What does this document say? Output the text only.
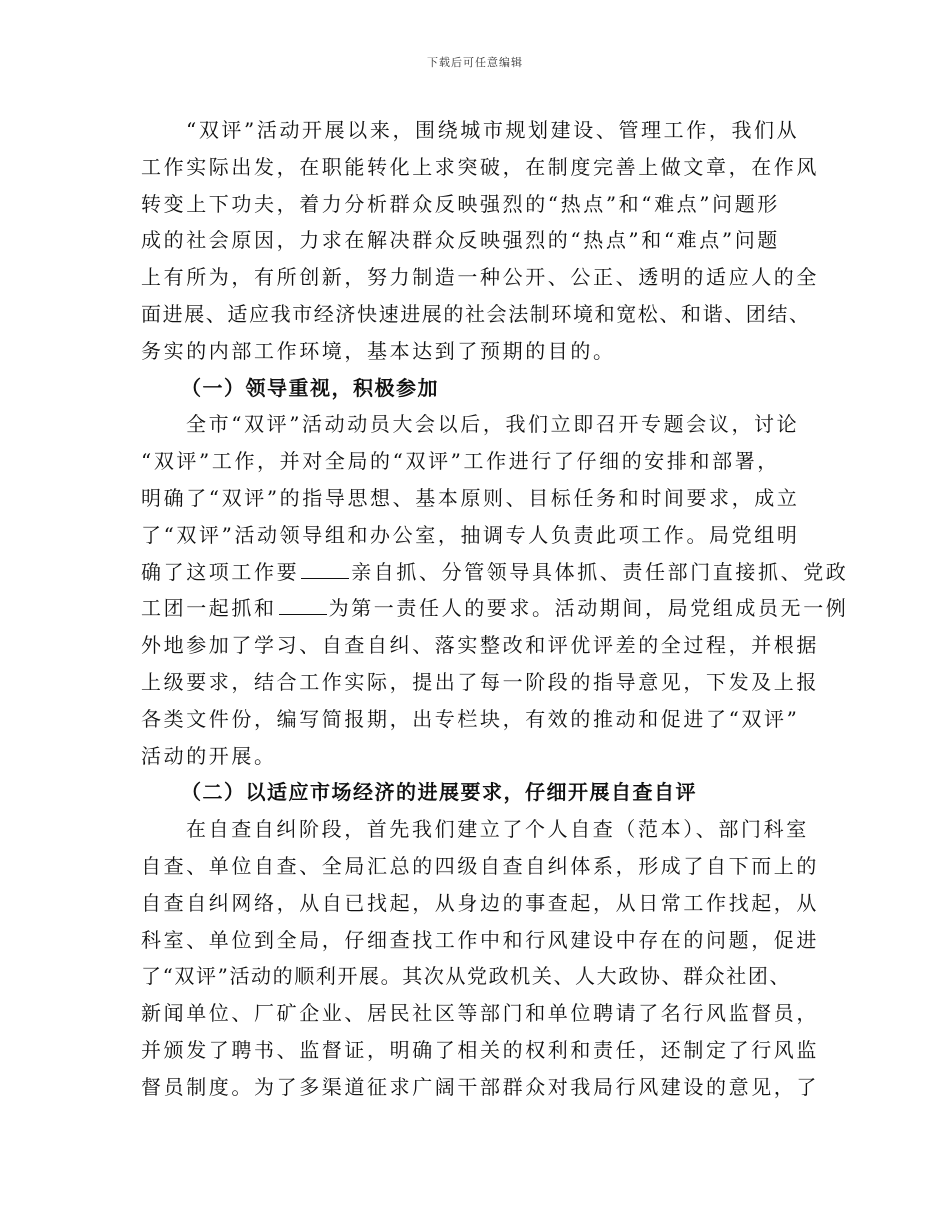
下载后可任意编辑
“双评”活动开展以来，围绕城市规划建设、管理工作，我们从
工作实际出发，在职能转化上求突破，在制度完善上做文章，在作风
转变上下功夫，着力分析群众反映强烈的“热点”和“难点”问题形
成的社会原因，力求在解决群众反映强烈的“热点”和“难点”问题
上有所为，有所创新，努力制造一种公开、公正、透明的适应人的全
面进展、适应我市经济快速进展的社会法制环境和宽松、和谐、团结、
务实的内部工作环境，基本达到了预期的目的。
（一）领导重视，积极参加
全市“双评”活动动员大会以后，我们立即召开专题会议，讨论
“双评”工作，并对全局的“双评”工作进行了仔细的安排和部署，
明确了“双评”的指导思想、基本原则、目标任务和时间要求，成立
了“双评”活动领导组和办公室，抽调专人负责此项工作。局党组明
确了这项工作要	亲自抓、分管领导具体抓、责任部门直接抓、党政
工团一起抓和	为第一责任人的要求。活动期间，局党组成员无一例
外地参加了学习、自查自纠、落实整改和评优评差的全过程，并根据
上级要求，结合工作实际，提出了每一阶段的指导意见，下发及上报
各类文件份，编写简报期，出专栏块，有效的推动和促进了“双评”
活动的开展。
（二）以适应市场经济的进展要求，仔细开展自查自评
在自查自纠阶段，首先我们建立了个人自查（范本）、部门科室
自查、单位自查、全局汇总的四级自查自纠体系，形成了自下而上的
自查自纠网络，从自已找起，从身边的事查起，从日常工作找起，从
科室、单位到全局，仔细查找工作中和行风建设中存在的问题，促进
了“双评”活动的顺利开展。其次从党政机关、人大政协、群众社团、
新闻单位、厂矿企业、居民社区等部门和单位聘请了名行风监督员，
并颁发了聘书、监督证，明确了相关的权利和责任，还制定了行风监
督员制度。为了多渠道征求广阔干部群众对我局行风建设的意见，了
